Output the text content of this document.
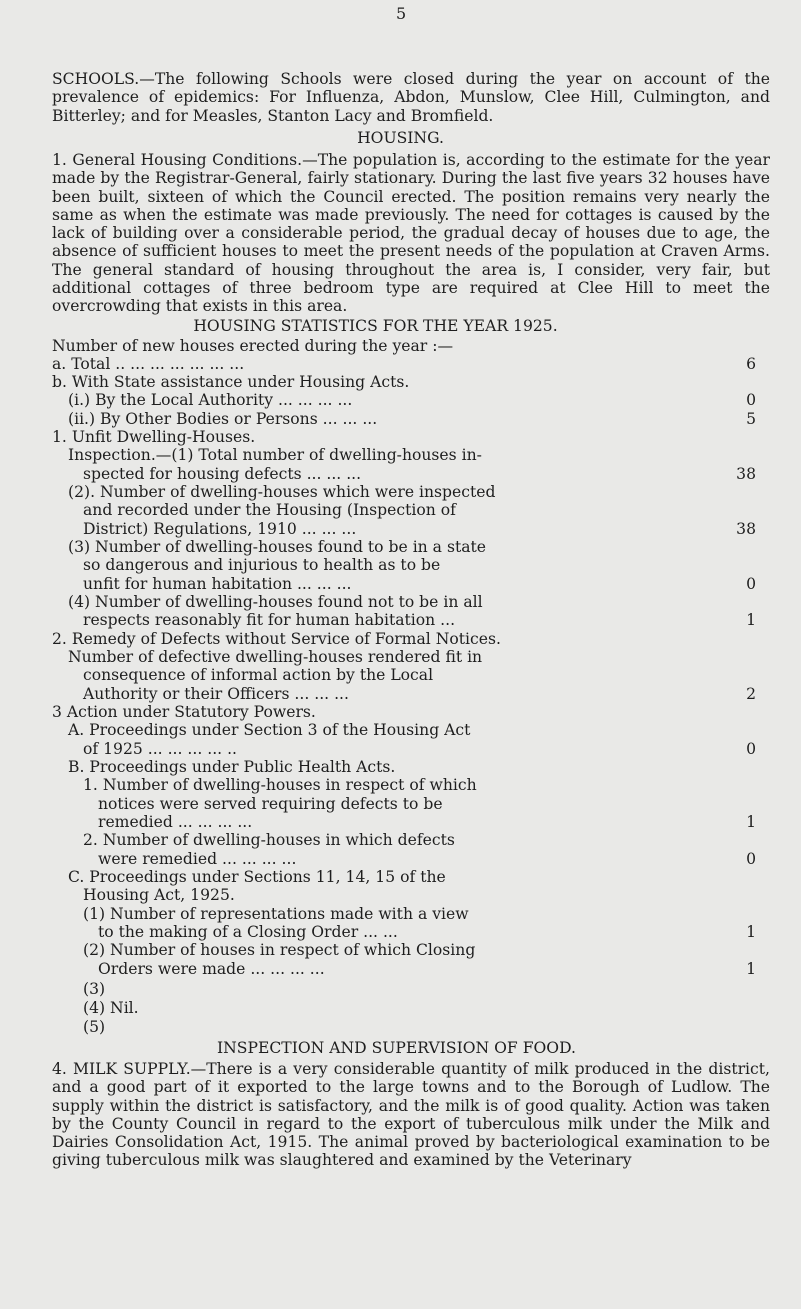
5

SCHOOLS.—The following Schools were closed during the year on account of the prevalence of epidemics: For Influenza, Abdon, Munslow, Clee Hill, Culmington, and Bitterley; and for Measles, Stanton Lacy and Bromfield.

HOUSING.

1. General Housing Conditions.—The population is, according to the estimate for the year made by the Registrar-General, fairly stationary. During the last five years 32 houses have been built, sixteen of which the Council erected. The position remains very nearly the same as when the estimate was made previously. The need for cottages is caused by the lack of building over a considerable period, the gradual decay of houses due to age, the absence of sufficient houses to meet the present needs of the population at Craven Arms. The general standard of housing throughout the area is, I consider, very fair, but additional cottages of three bedroom type are required at Clee Hill to meet the overcrowding that exists in this area.

HOUSING STATISTICS FOR THE YEAR 1925.

Number of new houses erected during the year :—
a. Total .. ... ... ... ... ... ...	6
b. With State assistance under Housing Acts.
(i.) By the Local Authority ... ... ... ...	0
(ii.) By Other Bodies or Persons ... ... ...	5
1. Unfit Dwelling-Houses.
Inspection.—(1) Total number of dwelling-houses in-
spected for housing defects ... ... ...	38
(2). Number of dwelling-houses which were inspected
and recorded under the Housing (Inspection of
District) Regulations, 1910 ... ... ...	38
(3) Number of dwelling-houses found to be in a state
so dangerous and injurious to health as to be
unfit for human habitation ... ... ...	0
(4) Number of dwelling-houses found not to be in all
respects reasonably fit for human habitation ...	1
2. Remedy of Defects without Service of Formal Notices.
Number of defective dwelling-houses rendered fit in
consequence of informal action by the Local
Authority or their Officers ... ... ...	2
3 Action under Statutory Powers.
A. Proceedings under Section 3 of the Housing Act
of 1925 ... ... ... ... ..	0
B. Proceedings under Public Health Acts.
1. Number of dwelling-houses in respect of which
notices were served requiring defects to be
remedied ... ... ... ...	1
2. Number of dwelling-houses in which defects
were remedied ... ... ... ...	0
C. Proceedings under Sections 11, 14, 15 of the
Housing Act, 1925.
(1) Number of representations made with a view
to the making of a Closing Order ... ...	1
(2) Number of houses in respect of which Closing
Orders were made ... ... ... ...	1
(3)
(4) Nil.
(5)

INSPECTION AND SUPERVISION OF FOOD.

4. MILK SUPPLY.—There is a very considerable quantity of milk produced in the district, and a good part of it exported to the large towns and to the Borough of Ludlow. The supply within the district is satisfactory, and the milk is of good quality. Action was taken by the County Council in regard to the export of tuberculous milk under the Milk and Dairies Consolidation Act, 1915. The animal proved by bacteriological examination to be giving tuberculous milk was slaughtered and examined by the Veterinary
